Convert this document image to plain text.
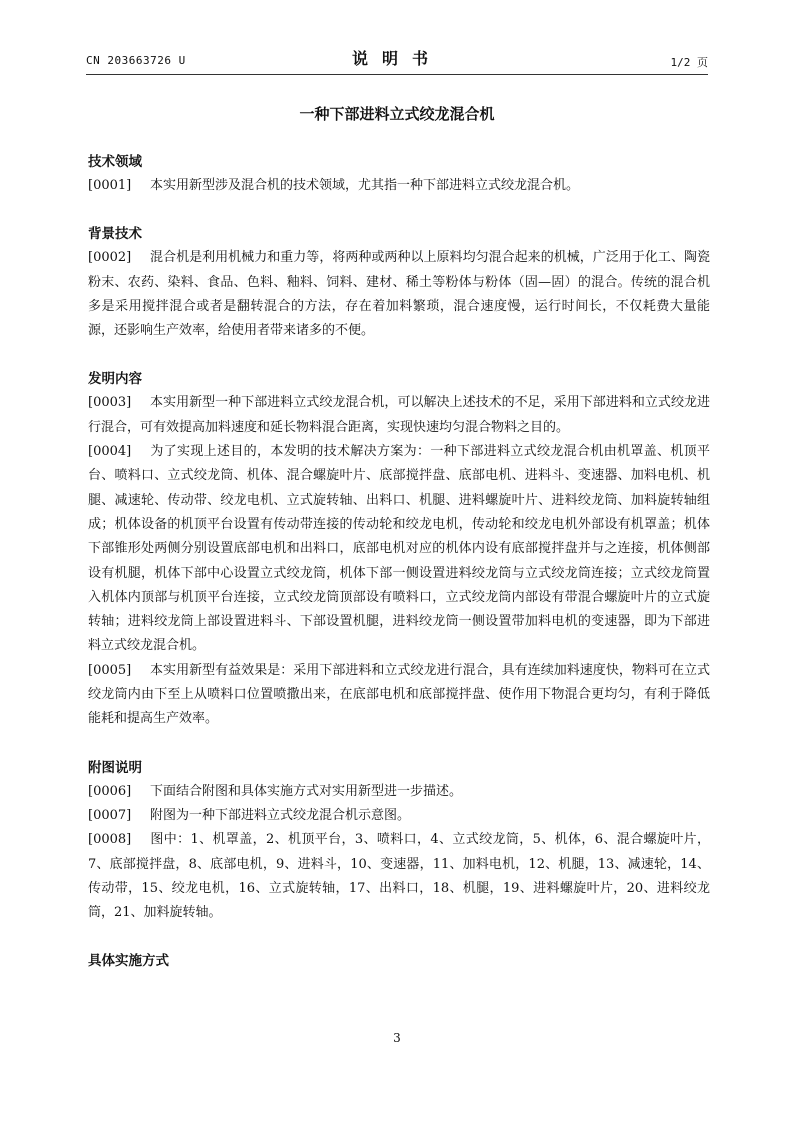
CN 203663726 U	说明书	1/2 页
一种下部进料立式绞龙混合机
技术领域
[0001] 本实用新型涉及混合机的技术领域，尤其指一种下部进料立式绞龙混合机。
背景技术
[0002] 混合机是利用机械力和重力等，将两种或两种以上原料均匀混合起来的机械，广泛用于化工、陶瓷粉末、农药、染料、食品、色料、釉料、饲料、建材、稀土等粉体与粉体（固—固）的混合。传统的混合机多是采用搅拌混合或者是翻转混合的方法，存在着加料繁琐，混合速度慢，运行时间长，不仅耗费大量能源，还影响生产效率，给使用者带来诸多的不便。
发明内容
[0003] 本实用新型一种下部进料立式绞龙混合机，可以解决上述技术的不足，采用下部进料和立式绞龙进行混合，可有效提高加料速度和延长物料混合距离，实现快速均匀混合物料之目的。
[0004] 为了实现上述目的，本发明的技术解决方案为：一种下部进料立式绞龙混合机由机罩盖、机顶平台、喷料口、立式绞龙筒、机体、混合螺旋叶片、底部搅拌盘、底部电机、进料斗、变速器、加料电机、机腿、减速轮、传动带、绞龙电机、立式旋转轴、出料口、机腿、进料螺旋叶片、进料绞龙筒、加料旋转轴组成；机体设备的机顶平台设置有传动带连接的传动轮和绞龙电机，传动轮和绞龙电机外部设有机罩盖；机体下部锥形处两侧分别设置底部电机和出料口，底部电机对应的机体内设有底部搅拌盘并与之连接，机体侧部设有机腿，机体下部中心设置立式绞龙筒，机体下部一侧设置进料绞龙筒与立式绞龙筒连接；立式绞龙筒置入机体内顶部与机顶平台连接，立式绞龙筒顶部设有喷料口，立式绞龙筒内部设有带混合螺旋叶片的立式旋转轴；进料绞龙筒上部设置进料斗、下部设置机腿，进料绞龙筒一侧设置带加料电机的变速器，即为下部进料立式绞龙混合机。
[0005] 本实用新型有益效果是：采用下部进料和立式绞龙进行混合，具有连续加料速度快，物料可在立式绞龙筒内由下至上从喷料口位置喷撒出来，在底部电机和底部搅拌盘、使作用下物混合更均匀，有利于降低能耗和提高生产效率。
附图说明
[0006] 下面结合附图和具体实施方式对实用新型进一步描述。
[0007] 附图为一种下部进料立式绞龙混合机示意图。
[0008] 图中：1、机罩盖，2、机顶平台，3、喷料口，4、立式绞龙筒，5、机体，6、混合螺旋叶片，7、底部搅拌盘，8、底部电机，9、进料斗，10、变速器，11、加料电机，12、机腿，13、减速轮，14、传动带，15、绞龙电机，16、立式旋转轴，17、出料口，18、机腿，19、进料螺旋叶片，20、进料绞龙筒，21、加料旋转轴。
具体实施方式
3
